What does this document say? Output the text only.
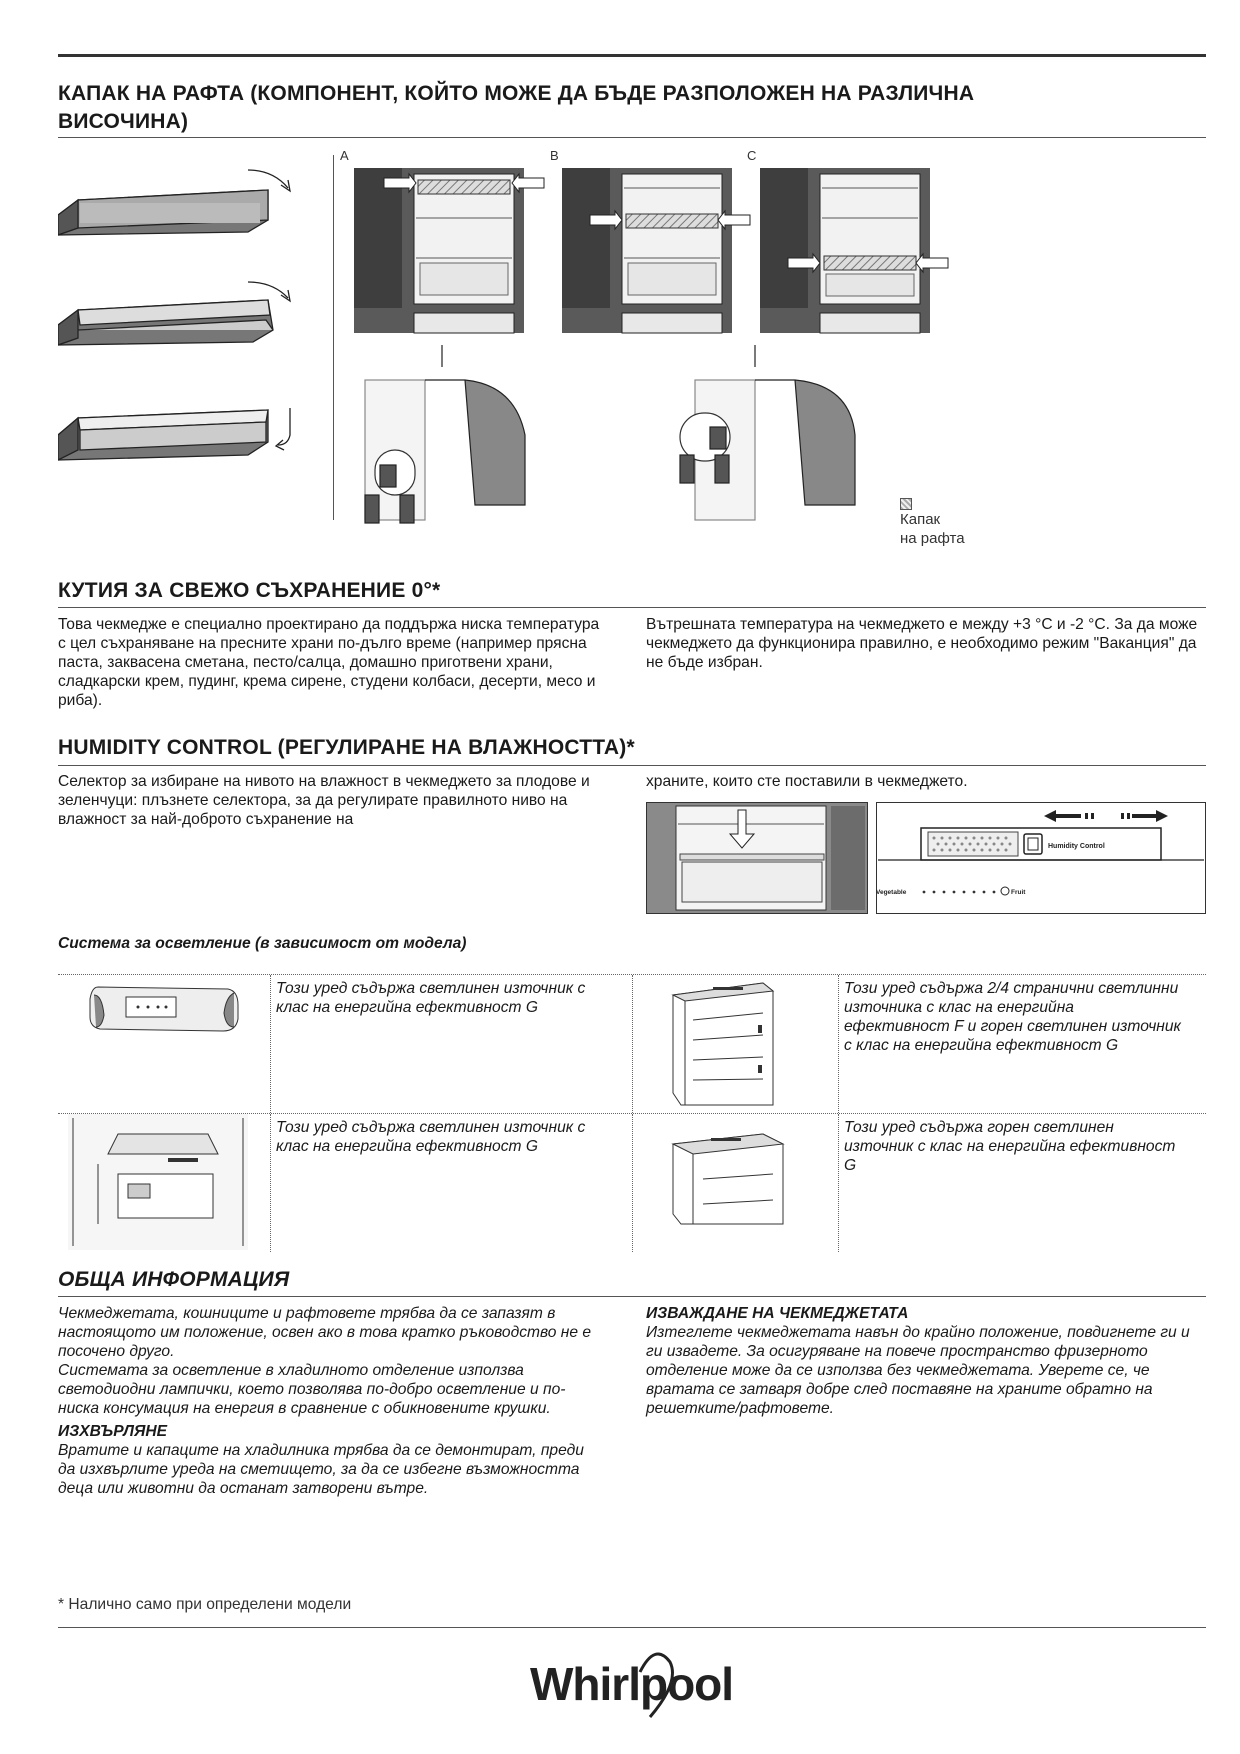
КАПАК НА РАФТА (КОМПОНЕНТ, КОЙТО МОЖЕ ДА БЪДЕ РАЗПОЛОЖЕН НА РАЗЛИЧНА ВИСОЧИНА)
A	B	C
Капак
на рафта
КУТИЯ ЗА СВЕЖО СЪХРАНЕНИЕ 0°*
Това чекмедже е специално проектирано да поддържа ниска температура с цел съхраняване на пресните храни по-дълго време (например прясна паста, заквасена сметана, песто/салца, домашно приготвени храни, сладкарски крем, пудинг, крема сирене, студени колбаси, десерти, месо и риба).
Вътрешната температура на чекмеджето е между +3 °C и -2 °C. За да може чекмеджето да функционира правилно, е необходимо режим "Ваканция" да не бъде избран.
HUMIDITY CONTROL (РЕГУЛИРАНЕ НА ВЛАЖНОСТТА)*
Селектор за избиране на нивото на влажност в чекмеджето за плодове и зеленчуци: плъзнете селектора, за да регулирате правилното ниво на влажност за най-доброто съхранение на
храните, които сте поставили в чекмеджето.
Humidity Control
Vegetable	Fruit
Система за осветление (в зависимост от модела)
Този уред съдържа светлинен източник с клас на енергийна ефективност G
Този уред съдържа 2/4 странични светлинни източника с клас на енергийна ефективност F и горен светлинен източник с клас на енергийна ефективност G
Този уред съдържа светлинен източник с клас на енергийна ефективност G
Този уред съдържа горен светлинен източник с клас на енергийна ефективност G
ОБЩА ИНФОРМАЦИЯ
Чекмеджетата, кошниците и рафтовете трябва да се запазят в настоящото им положение, освен ако в това кратко ръководство не е посочено друго.
Системата за осветление в хладилното отделение използва светодиодни лампички, което позволява по-добро осветление и по-ниска консумация на енергия в сравнение с обикновените крушки.
ИЗХВЪРЛЯНЕ
Вратите и капаците на хладилника трябва да се демонтират, преди да изхвърлите уреда на сметището, за да се избегне възможността деца или животни да останат затворени вътре.
ИЗВАЖДАНЕ НА ЧЕКМЕДЖЕТАТА
Изтеглете чекмеджетата навън до крайно положение, повдигнете ги и ги извадете. За осигуряване на повече пространство фризерното отделение може да се използва без чекмеджетата. Уверете се, че вратата се затваря добре след поставяне на храните обратно на решетките/рафтовете.
* Налично само при определени модели
Whirlpool
